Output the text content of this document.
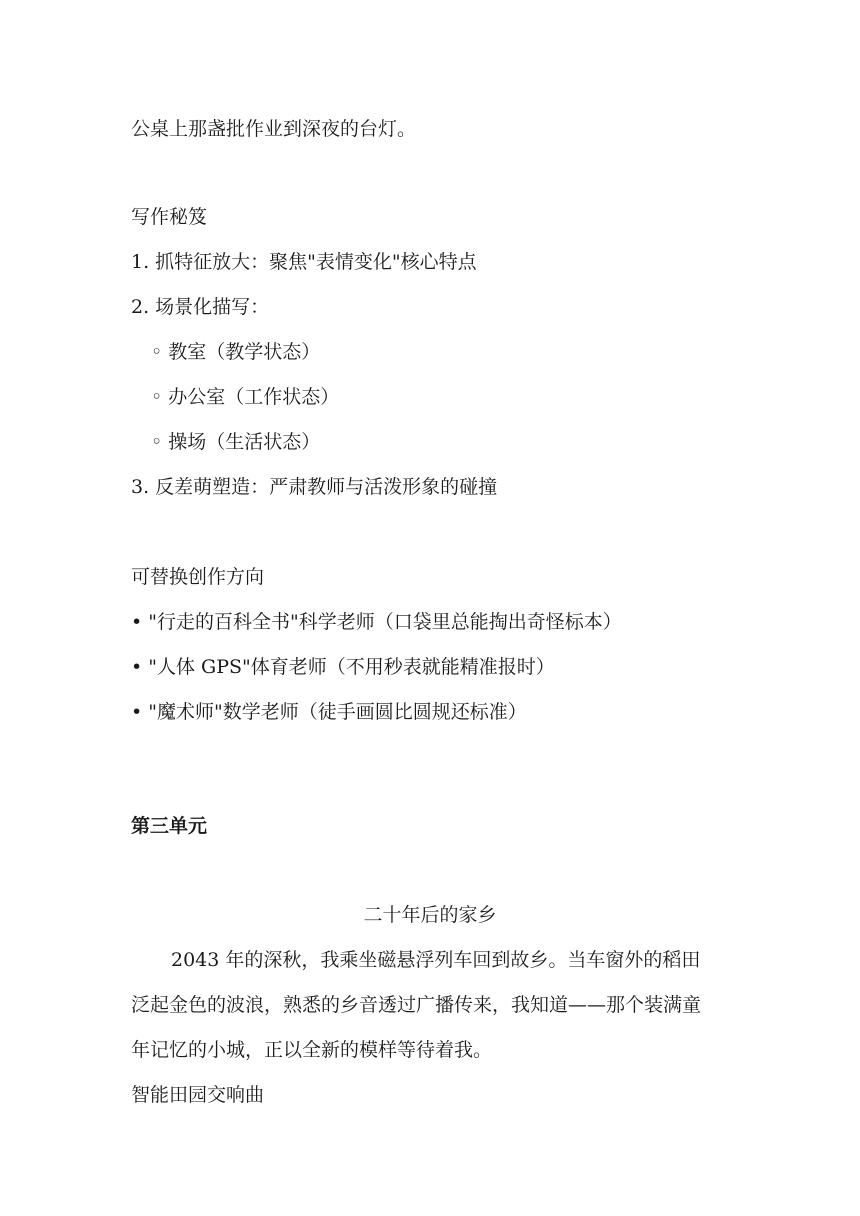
公桌上那盏批作业到深夜的台灯。
写作秘笈
1. 抓特征放大：聚焦"表情变化"核心特点
2. 场景化描写：
◦ 教室（教学状态）
◦ 办公室（工作状态）
◦ 操场（生活状态）
3. 反差萌塑造：严肃教师与活泼形象的碰撞
可替换创作方向
• "行走的百科全书"科学老师（口袋里总能掏出奇怪标本）
• "人体 GPS"体育老师（不用秒表就能精准报时）
• "魔术师"数学老师（徒手画圆比圆规还标准）
第三单元
二十年后的家乡
2043 年的深秋，我乘坐磁悬浮列车回到故乡。当车窗外的稻田
泛起金色的波浪，熟悉的乡音透过广播传来，我知道——那个装满童
年记忆的小城，正以全新的模样等待着我。
智能田园交响曲
